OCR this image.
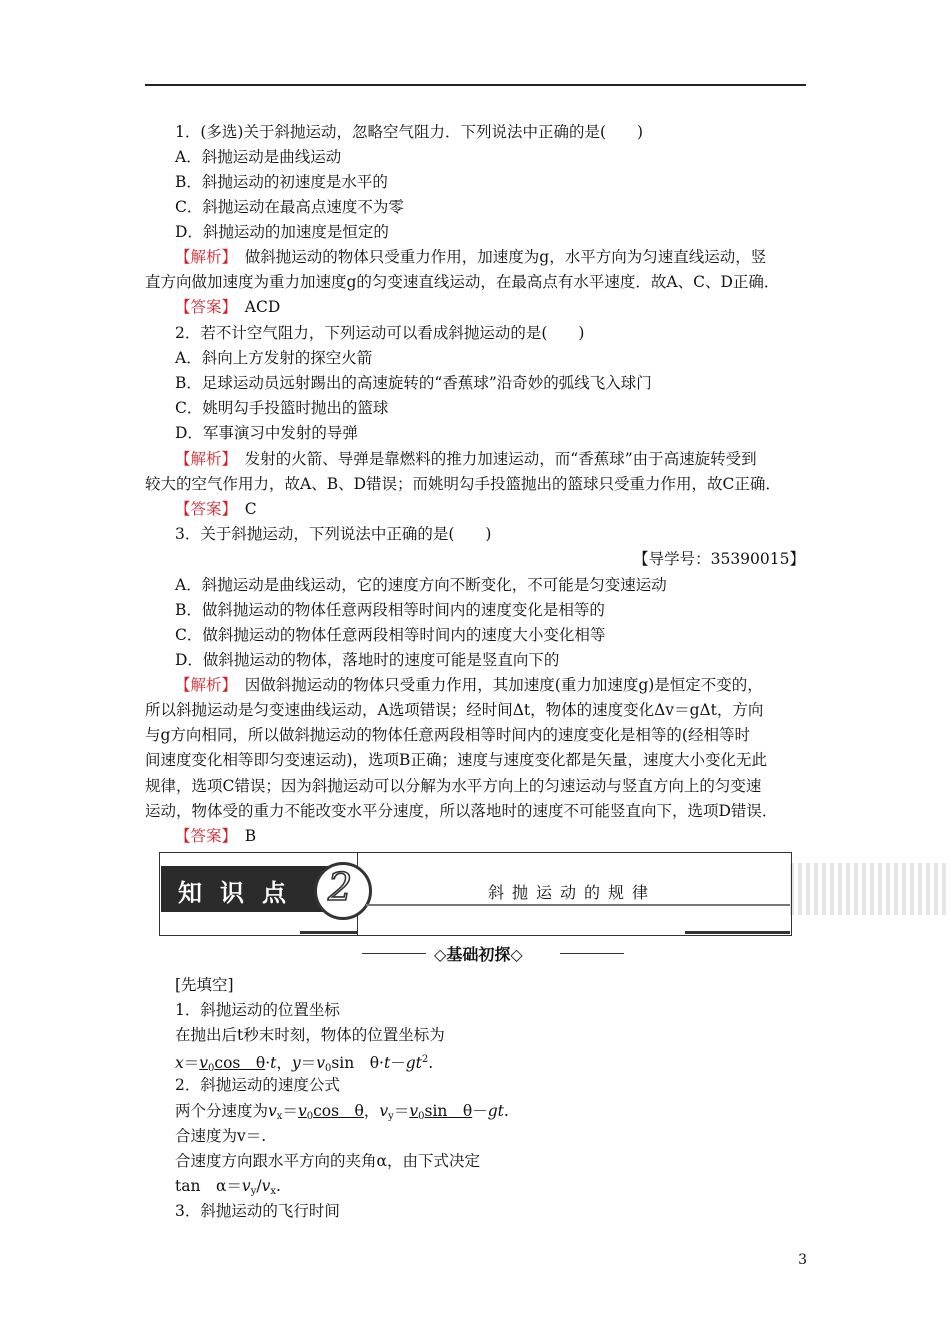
1．(多选)关于斜抛运动，忽略空气阻力．下列说法中正确的是(　　)
A．斜抛运动是曲线运动
B．斜抛运动的初速度是水平的
C．斜抛运动在最高点速度不为零
D．斜抛运动的加速度是恒定的
【解析】　做斜抛运动的物体只受重力作用，加速度为g，水平方向为匀速直线运动，竖
直方向做加速度为重力加速度g的匀变速直线运动，在最高点有水平速度．故A、C、D正确．
【答案】　ACD
2．若不计空气阻力，下列运动可以看成斜抛运动的是(　　)
A．斜向上方发射的探空火箭
B．足球运动员远射踢出的高速旋转的“香蕉球”沿奇妙的弧线飞入球门
C．姚明勾手投篮时抛出的篮球
D．军事演习中发射的导弹
【解析】　发射的火箭、导弹是靠燃料的推力加速运动，而“香蕉球”由于高速旋转受到
较大的空气作用力，故A、B、D错误；而姚明勾手投篮抛出的篮球只受重力作用，故C正确．
【答案】　C
3．关于斜抛运动，下列说法中正确的是(　　)
【导学号：35390015】
A．斜抛运动是曲线运动，它的速度方向不断变化，不可能是匀变速运动
B．做斜抛运动的物体任意两段相等时间内的速度变化是相等的
C．做斜抛运动的物体任意两段相等时间内的速度大小变化相等
D．做斜抛运动的物体，落地时的速度可能是竖直向下的
【解析】　因做斜抛运动的物体只受重力作用，其加速度(重力加速度g)是恒定不变的，
所以斜抛运动是匀变速曲线运动，A选项错误；经时间Δt，物体的速度变化Δv＝gΔt，方向
与g方向相同，所以做斜抛运动的物体任意两段相等时间内的速度变化是相等的(经相等时
间速度变化相等即匀变速运动)，选项B正确；速度与速度变化都是矢量，速度大小变化无此
规律，选项C错误；因为斜抛运动可以分解为水平方向上的匀速运动与竖直方向上的匀变速
运动，物体受的重力不能改变水平分速度，所以落地时的速度不可能竖直向下，选项D错误．
【答案】　B
知识点 2	斜抛运动的规律
◇基础初探◇
[先填空]
1．斜抛运动的位置坐标
在抛出后t秒末时刻，物体的位置坐标为
$x=v_0\cos$　θ·t，$y=v_0\sin$　$\theta\cdot t-gt^2$.
2．斜抛运动的速度公式
两个分速度为$v_x=v_0\cos$　θ，$v_y=v_0\sin$　θ－gt.
合速度为v＝.
合速度方向跟水平方向的夹角α，由下式决定
tan　$\alpha=v_y/v_x$.
3．斜抛运动的飞行时间
3
